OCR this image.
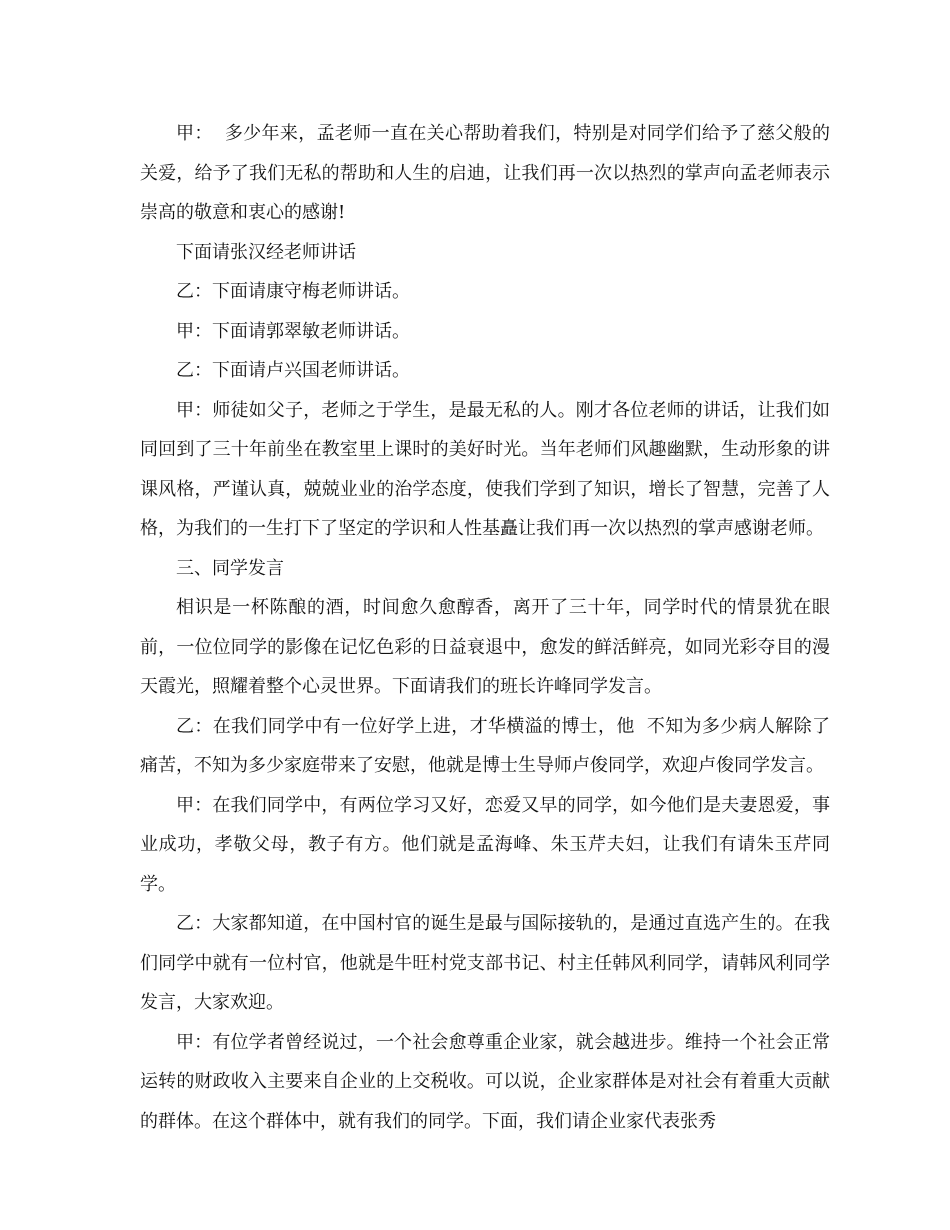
甲：  多少年来，孟老师一直在关心帮助着我们，特别是对同学们给予了慈父般的关爱，给予了我们无私的帮助和人生的启迪，让我们再一次以热烈的掌声向孟老师表示崇高的敬意和衷心的感谢!

下面请张汉经老师讲话

乙：下面请康守梅老师讲话。

甲：下面请郭翠敏老师讲话。

乙：下面请卢兴国老师讲话。

甲：师徒如父子，老师之于学生，是最无私的人。刚才各位老师的讲话，让我们如同回到了三十年前坐在教室里上课时的美好时光。当年老师们风趣幽默，生动形象的讲课风格，严谨认真，兢兢业业的治学态度，使我们学到了知识，增长了智慧，完善了人格，为我们的一生打下了坚定的学识和人性基矗让我们再一次以热烈的掌声感谢老师。

三、同学发言

相识是一杯陈酿的酒，时间愈久愈醇香，离开了三十年，同学时代的情景犹在眼前，一位位同学的影像在记忆色彩的日益衰退中，愈发的鲜活鲜亮，如同光彩夺目的漫天霞光，照耀着整个心灵世界。下面请我们的班长许峰同学发言。

乙：在我们同学中有一位好学上进，才华横溢的博士，他  不知为多少病人解除了痛苦，不知为多少家庭带来了安慰，他就是博士生导师卢俊同学，欢迎卢俊同学发言。

甲：在我们同学中，有两位学习又好，恋爱又早的同学，如今他们是夫妻恩爱，事业成功，孝敬父母，教子有方。他们就是孟海峰、朱玉芹夫妇，让我们有请朱玉芹同学。

乙：大家都知道，在中国村官的诞生是最与国际接轨的，是通过直选产生的。在我们同学中就有一位村官，他就是牛旺村党支部书记、村主任韩风利同学，请韩风利同学发言，大家欢迎。

甲：有位学者曾经说过，一个社会愈尊重企业家，就会越进步。维持一个社会正常运转的财政收入主要来自企业的上交税收。可以说，企业家群体是对社会有着重大贡献的群体。在这个群体中，就有我们的同学。下面，我们请企业家代表张秀
